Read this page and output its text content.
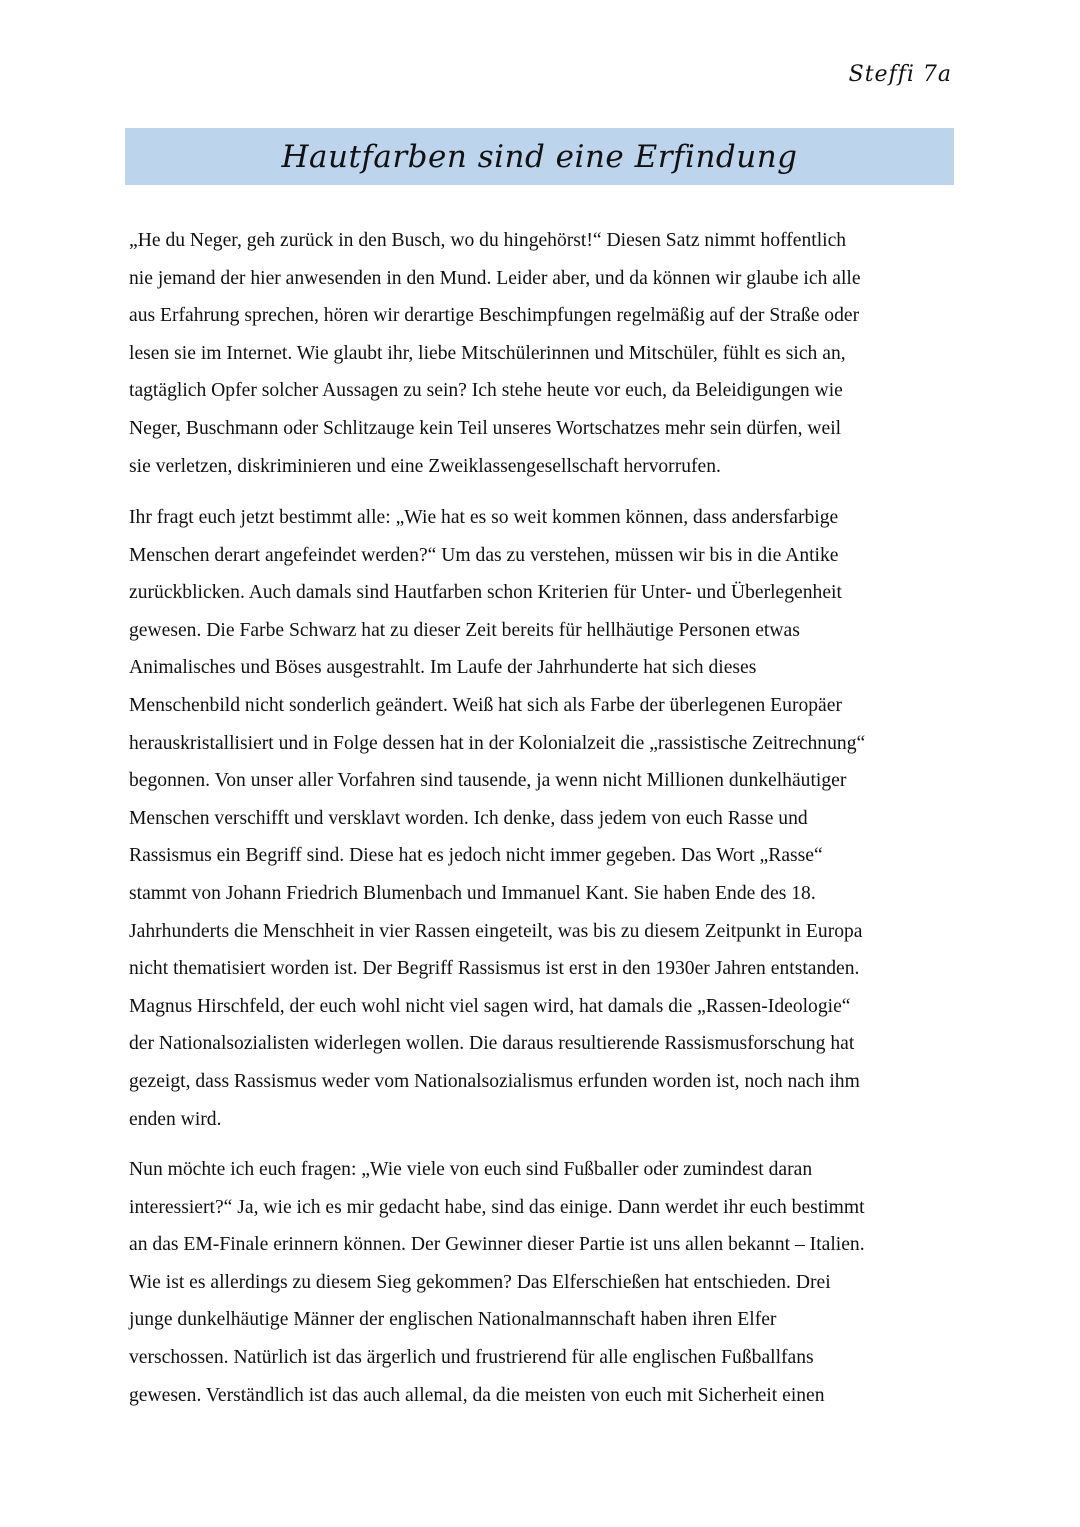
Steffi 7a
Hautfarben sind eine Erfindung
„He du Neger, geh zurück in den Busch, wo du hingehörst!“ Diesen Satz nimmt hoffentlich
nie jemand der hier anwesenden in den Mund. Leider aber, und da können wir glaube ich alle
aus Erfahrung sprechen, hören wir derartige Beschimpfungen regelmäßig auf der Straße oder
lesen sie im Internet. Wie glaubt ihr, liebe Mitschülerinnen und Mitschüler, fühlt es sich an,
tagtäglich Opfer solcher Aussagen zu sein? Ich stehe heute vor euch, da Beleidigungen wie
Neger, Buschmann oder Schlitzauge kein Teil unseres Wortschatzes mehr sein dürfen, weil
sie verletzen, diskriminieren und eine Zweiklassengesellschaft hervorrufen.
Ihr fragt euch jetzt bestimmt alle: „Wie hat es so weit kommen können, dass andersfarbige
Menschen derart angefeindet werden?“ Um das zu verstehen, müssen wir bis in die Antike
zurückblicken. Auch damals sind Hautfarben schon Kriterien für Unter- und Überlegenheit
gewesen. Die Farbe Schwarz hat zu dieser Zeit bereits für hellhäutige Personen etwas
Animalisches und Böses ausgestrahlt. Im Laufe der Jahrhunderte hat sich dieses
Menschenbild nicht sonderlich geändert. Weiß hat sich als Farbe der überlegenen Europäer
herauskristallisiert und in Folge dessen hat in der Kolonialzeit die „rassistische Zeitrechnung“
begonnen. Von unser aller Vorfahren sind tausende, ja wenn nicht Millionen dunkelhäutiger
Menschen verschifft und versklavt worden. Ich denke, dass jedem von euch Rasse und
Rassismus ein Begriff sind. Diese hat es jedoch nicht immer gegeben. Das Wort „Rasse“
stammt von Johann Friedrich Blumenbach und Immanuel Kant. Sie haben Ende des 18.
Jahrhunderts die Menschheit in vier Rassen eingeteilt, was bis zu diesem Zeitpunkt in Europa
nicht thematisiert worden ist. Der Begriff Rassismus ist erst in den 1930er Jahren entstanden.
Magnus Hirschfeld, der euch wohl nicht viel sagen wird, hat damals die „Rassen-Ideologie“
der Nationalsozialisten widerlegen wollen. Die daraus resultierende Rassismusforschung hat
gezeigt, dass Rassismus weder vom Nationalsozialismus erfunden worden ist, noch nach ihm
enden wird.
Nun möchte ich euch fragen: „Wie viele von euch sind Fußballer oder zumindest daran
interessiert?“ Ja, wie ich es mir gedacht habe, sind das einige. Dann werdet ihr euch bestimmt
an das EM-Finale erinnern können. Der Gewinner dieser Partie ist uns allen bekannt – Italien.
Wie ist es allerdings zu diesem Sieg gekommen? Das Elferschießen hat entschieden. Drei
junge dunkelhäutige Männer der englischen Nationalmannschaft haben ihren Elfer
verschossen. Natürlich ist das ärgerlich und frustrierend für alle englischen Fußballfans
gewesen. Verständlich ist das auch allemal, da die meisten von euch mit Sicherheit einen
